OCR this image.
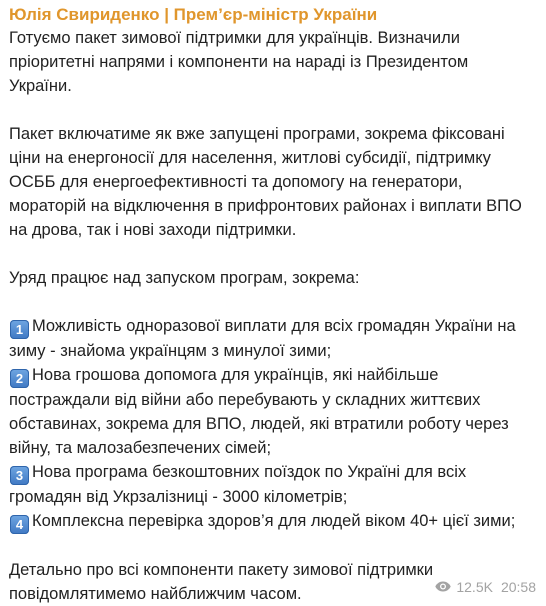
Юлія Свириденко | Прем’єр-міністр України

Готуємо пакет зимової підтримки для українців. Визначили пріоритетні напрями і компоненти на нараді із Президентом України.

Пакет включатиме як вже запущені програми, зокрема фіксовані ціни на енергоносії для населення, житлові субсидії, підтримку ОСББ для енергоефективності та допомогу на генератори, мораторій на відключення в прифронтових районах і виплати ВПО на дрова, так і нові заходи підтримки.

Уряд працює над запуском програм, зокрема:

1 Можливість одноразової виплати для всіх громадян України на зиму - знайома українцям з минулої зими;
2 Нова грошова допомога для українців, які найбільше постраждали від війни або перебувають у складних життєвих обставинах, зокрема для ВПО, людей, які втратили роботу через війну, та малозабезпечених сімей;
3 Нова програма безкоштовних поїздок по Україні для всіх громадян від Укрзалізниці - 3000 кілометрів;
4 Комплексна перевірка здоров’я для людей віком 40+ цієї зими;

Детально про всі компоненти пакету зимової підтримки повідомлятимемо найближчим часом.	12.5K 20:58
